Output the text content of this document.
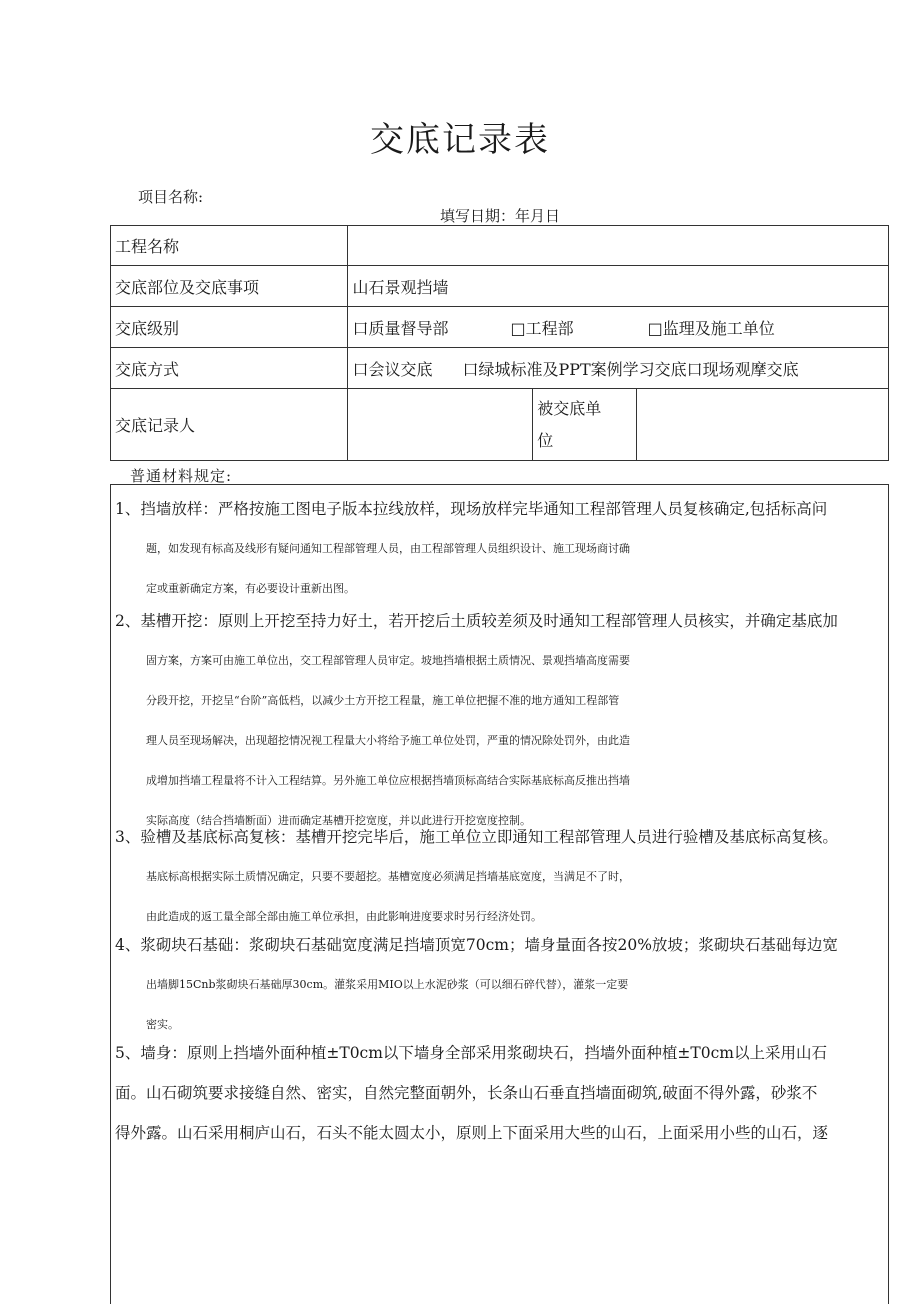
交底记录表
项目名称:
填写日期：年月日
工程名称			
交底部位及交底事项	山石景观挡墙		
交底级别	口质量督导部 □工程部 □监理及施工单位		
交底方式	口会议交底 口绿城标准及PPT案例学习交底口现场观摩交底		
交底记录人		被交底单
位	

普通材料规定:
1、挡墙放样：严格按施工图电子版本拉线放样，现场放样完毕通知工程部管理人员复核确定,包括标高问
题，如发现有标高及线形有疑问通知工程部管理人员，由工程部管理人员组织设计、施工现场商讨确
定或重新确定方案，有必要设计重新出图。
2、基槽开挖：原则上开挖至持力好土，若开挖后土质较差须及时通知工程部管理人员核实，并确定基底加
固方案，方案可由施工单位出，交工程部管理人员审定。坡地挡墙根据土质情况、景观挡墙高度需要
分段开挖，开挖呈“台阶”高低档，以减少土方开挖工程量，施工单位把握不准的地方通知工程部管
理人员至现场解决，出现超挖情况视工程量大小将给予施工单位处罚，严重的情况除处罚外，由此造
成增加挡墙工程量将不计入工程结算。另外施工单位应根据挡墙顶标高结合实际基底标高反推出挡墙
实际高度（结合挡墙断面）进而确定基槽开挖宽度，并以此进行开挖宽度控制。
3、验槽及基底标高复核：基槽开挖完毕后，施工单位立即通知工程部管理人员进行验槽及基底标高复核。
基底标高根据实际土质情况确定，只要不要超挖。基槽宽度必须满足挡墙基底宽度，当满足不了时，
由此造成的返工量全部全部由施工单位承担，由此影响进度要求时另行经济处罚。
4、浆砌块石基础：浆砌块石基础宽度满足挡墙顶宽70cm；墙身量面各按20%放坡；浆砌块石基础每边宽
出墙脚15Cnb浆砌块石基础厚30cm。灌浆采用MIO以上水泥砂浆（可以细石碎代替），灌浆一定要
密实。
5、墙身：原则上挡墙外面种植±T0cm以下墙身全部采用浆砌块石，挡墙外面种植±T0cm以上采用山石
面。山石砌筑要求接缝自然、密实，自然完整面朝外，长条山石垂直挡墙面砌筑,破面不得外露，砂浆不
得外露。山石采用桐庐山石，石头不能太圆太小，原则上下面采用大些的山石，上面采用小些的山石，逐
